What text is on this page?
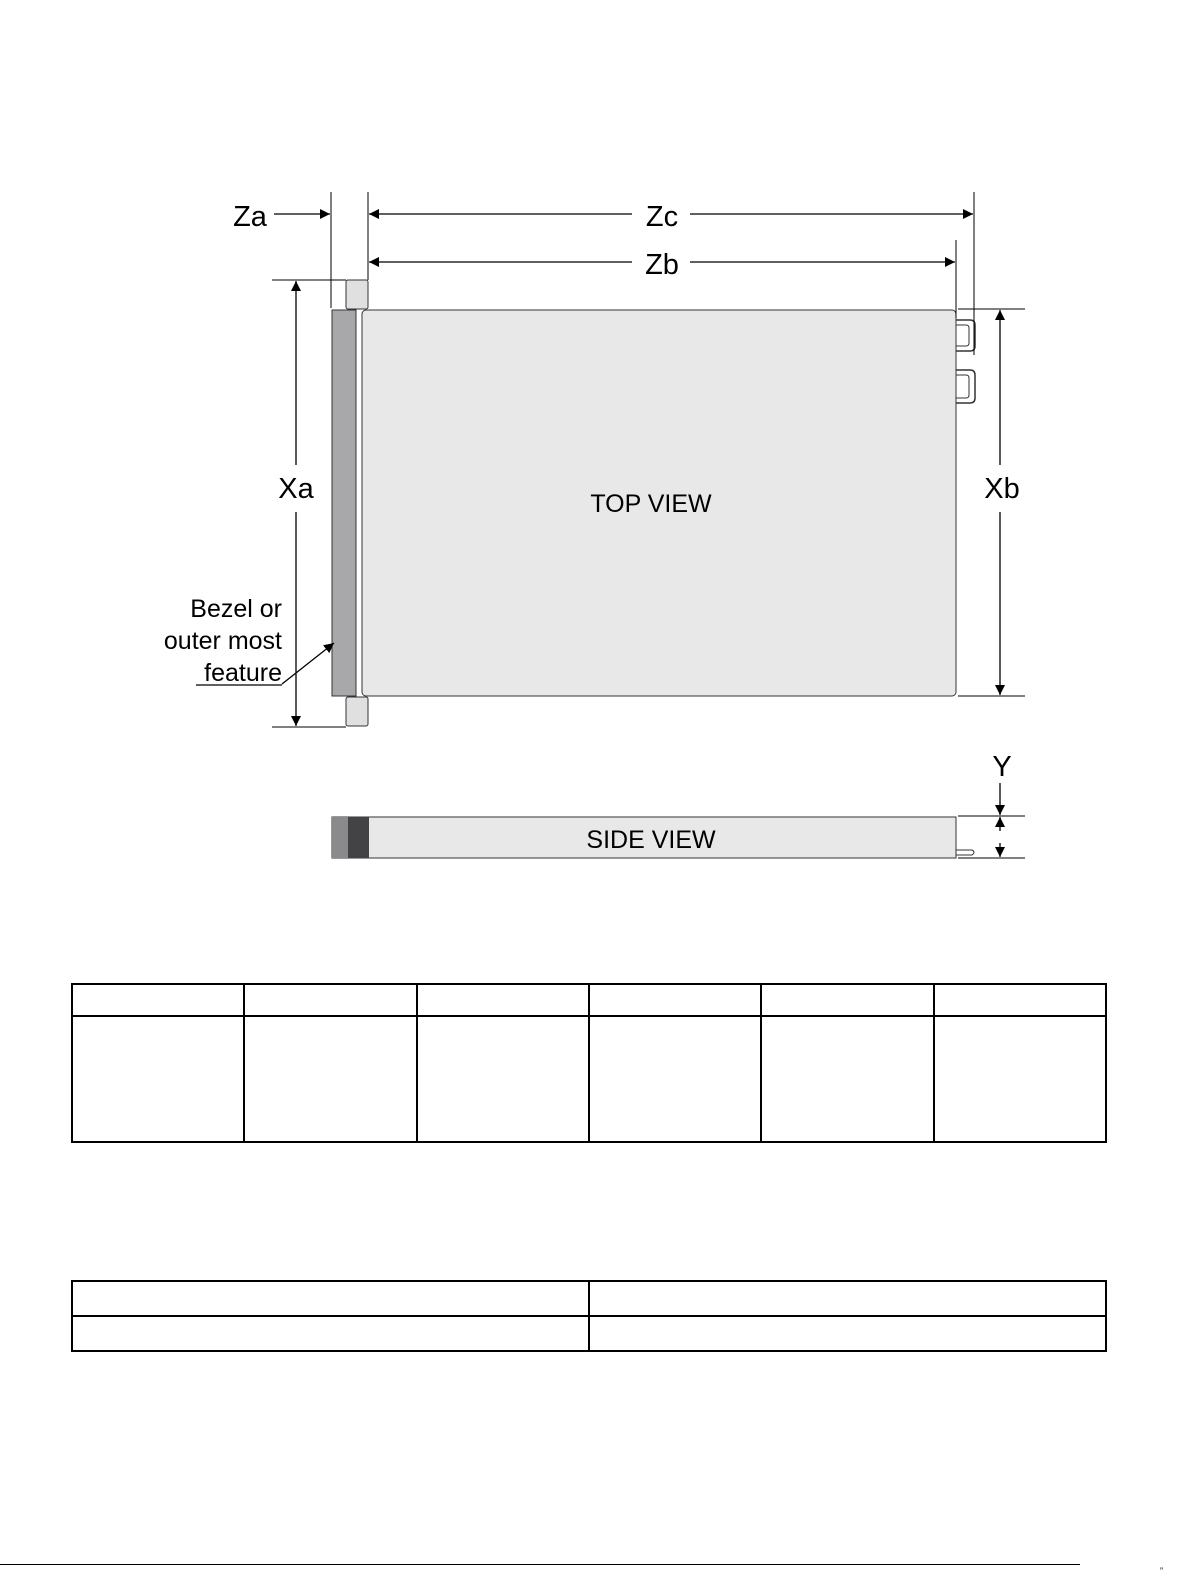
TOP VIEW
Za	Zc
Zb
Xa	Xb
Y
Bezel or
outer most
feature
SIDE VIEW

”
